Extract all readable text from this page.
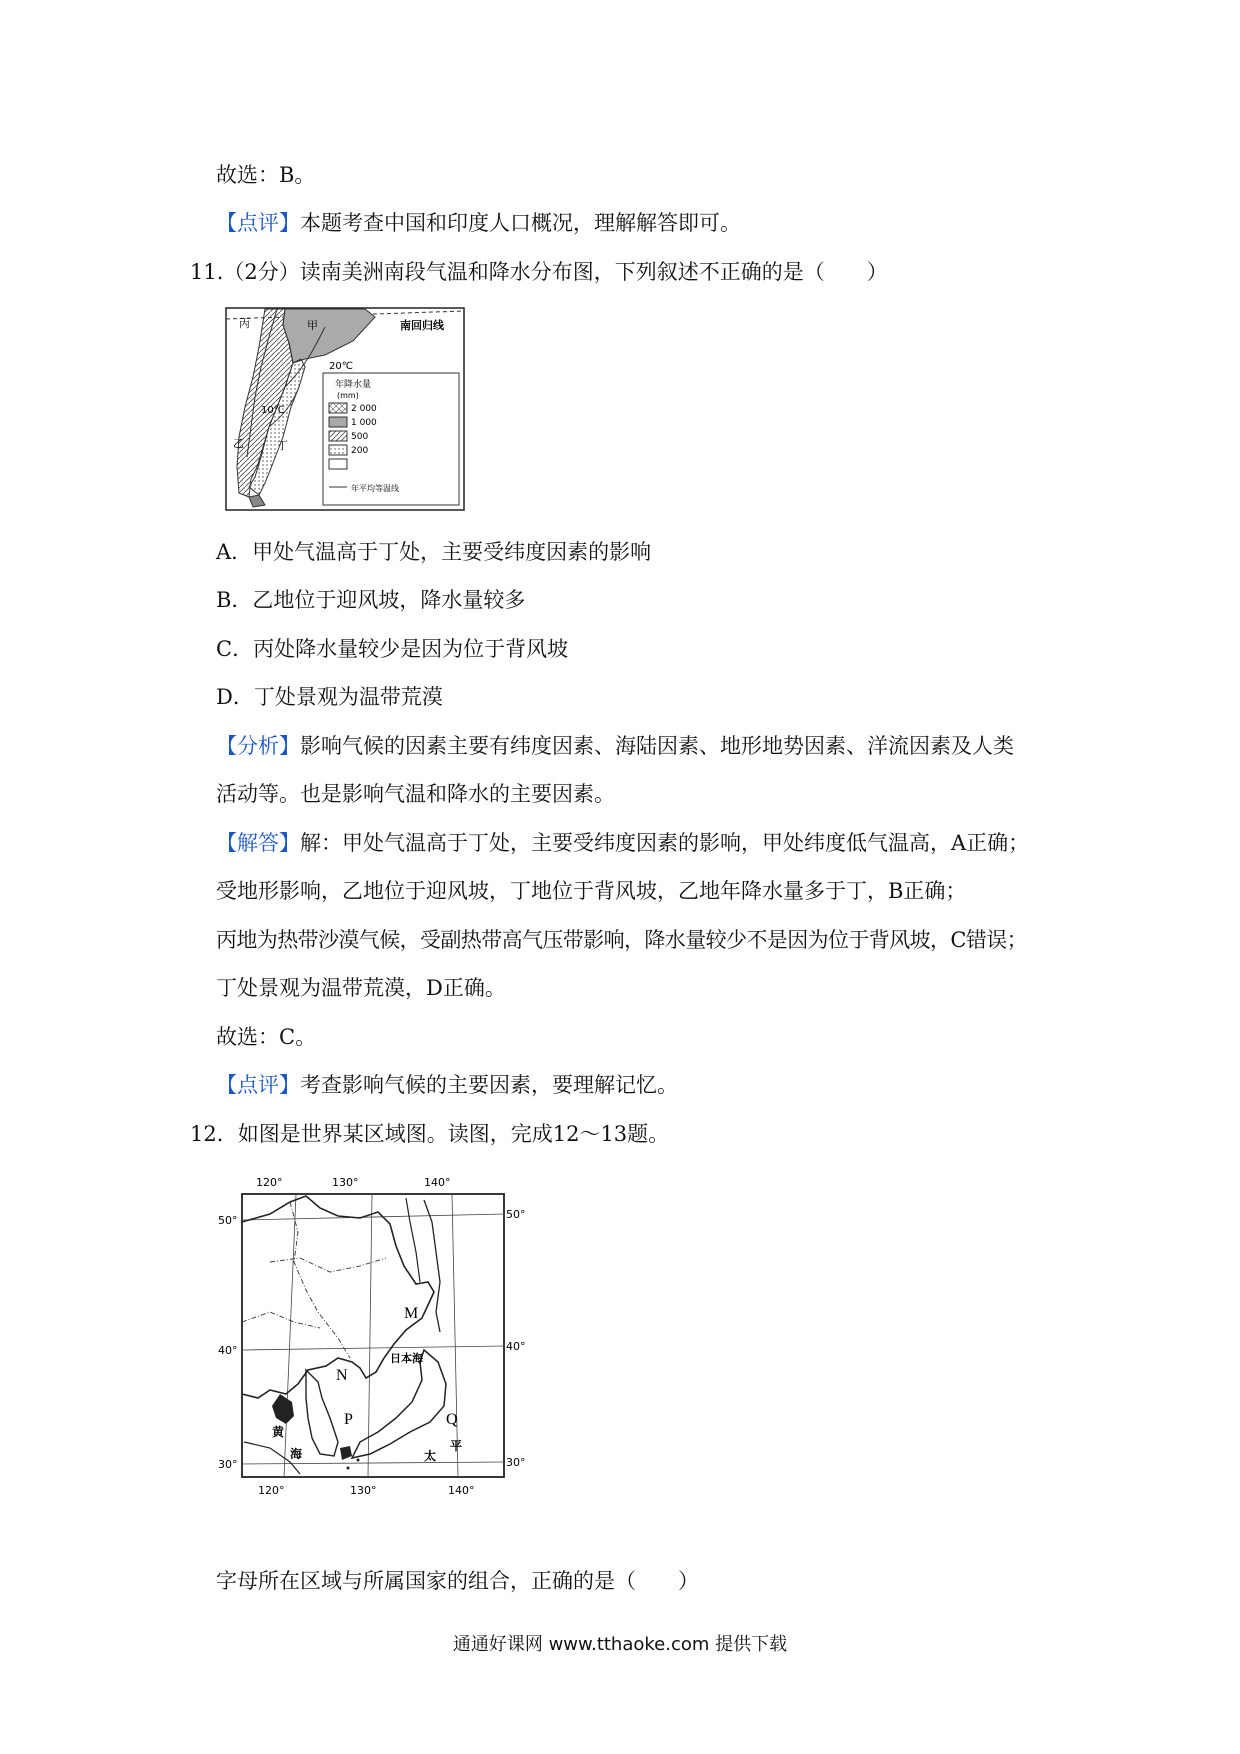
故选：B。
【点评】本题考查中国和印度人口概况，理解解答即可。
11.（2分）读南美洲南段气温和降水分布图，下列叙述不正确的是（　　）
丙	甲	南回归线
20℃
10℃
乙	丁
年降水量
(mm)
2 000
1 000
500
200
年平均等温线
A．甲处气温高于丁处，主要受纬度因素的影响
B．乙地位于迎风坡，降水量较多
C．丙处降水量较少是因为位于背风坡
D．丁处景观为温带荒漠
【分析】影响气候的因素主要有纬度因素、海陆因素、地形地势因素、洋流因素及人类
活动等。也是影响气温和降水的主要因素。
【解答】解：甲处气温高于丁处，主要受纬度因素的影响，甲处纬度低气温高，A正确；
受地形影响，乙地位于迎风坡，丁地位于背风坡，乙地年降水量多于丁，B正确；
丙地为热带沙漠气候，受副热带高气压带影响，降水量较少不是因为位于背风坡，C错误；
丁处景观为温带荒漠，D正确。
故选：C。
【点评】考查影响气候的主要因素，要理解记忆。
12．如图是世界某区域图。读图，完成12～13题。
120°	130°	140°
50°	50°
40°	40°
30°	30°
120°	130°	140°
M
N
P	Q
日本海
黄
海	太
平
字母所在区域与所属国家的组合，正确的是（　　）
通通好课网 www.tthaoke.com 提供下载
